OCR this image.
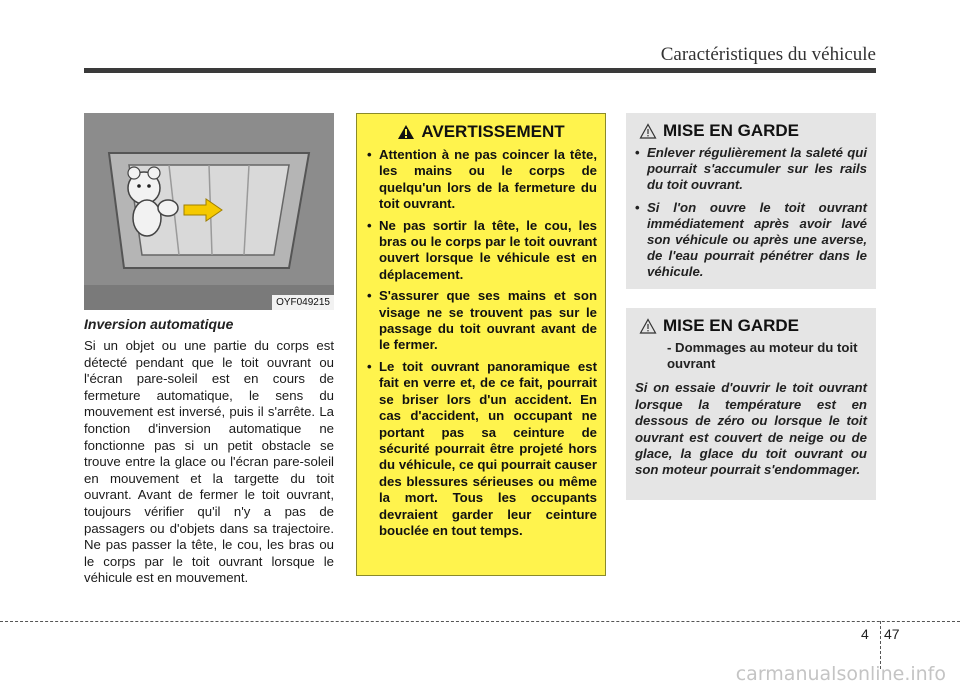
Caractéristiques du véhicule
OYF049215
Inversion automatique

Si un objet ou une partie du corps est détecté pendant que le toit ouvrant ou l'écran pare-soleil est en cours de fermeture automatique, le sens du mouvement est inversé, puis il s'arrête. La fonction d'inversion automatique ne fonctionne pas si un petit obstacle se trouve entre la glace ou l'écran pare-soleil en mouvement et la targette du toit ouvrant. Avant de fermer le toit ouvrant, toujours vérifier qu'il n'y a pas de passagers ou d'objets dans sa trajectoire. Ne pas passer la tête, le cou, les bras ou le corps par le toit ouvrant lorsque le véhicule est en mouvement.

AVERTISSEMENT
• Attention à ne pas coincer la tête, les mains ou le corps de quelqu'un lors de la fermeture du toit ouvrant.
• Ne pas sortir la tête, le cou, les bras ou le corps par le toit ouvrant ouvert lorsque le véhicule est en déplacement.
• S'assurer que ses mains et son visage ne se trouvent pas sur le passage du toit ouvrant avant de le fermer.
• Le toit ouvrant panoramique est fait en verre et, de ce fait, pourrait se briser lors d'un accident. En cas d'accident, un occupant ne portant pas sa ceinture de sécurité pourrait être projeté hors du véhicule, ce qui pourrait causer des blessures sérieuses ou même la mort. Tous les occupants devraient garder leur ceinture bouclée en tout temps.
MISE EN GARDE
• Enlever régulièrement la saleté qui pourrait s'accumuler sur les rails du toit ouvrant.
• Si l'on ouvre le toit ouvrant immédiatement après avoir lavé son véhicule ou après une averse, de l'eau pourrait pénétrer dans le véhicule.
MISE EN GARDE
- Dommages au moteur du toit ouvrant

Si on essaie d'ouvrir le toit ouvrant lorsque la température est en dessous de zéro ou lorsque le toit ouvrant est couvert de neige ou de glace, la glace du toit ouvrant ou son moteur pourrait s'endommager.

4 47
carmanualsonline.info
